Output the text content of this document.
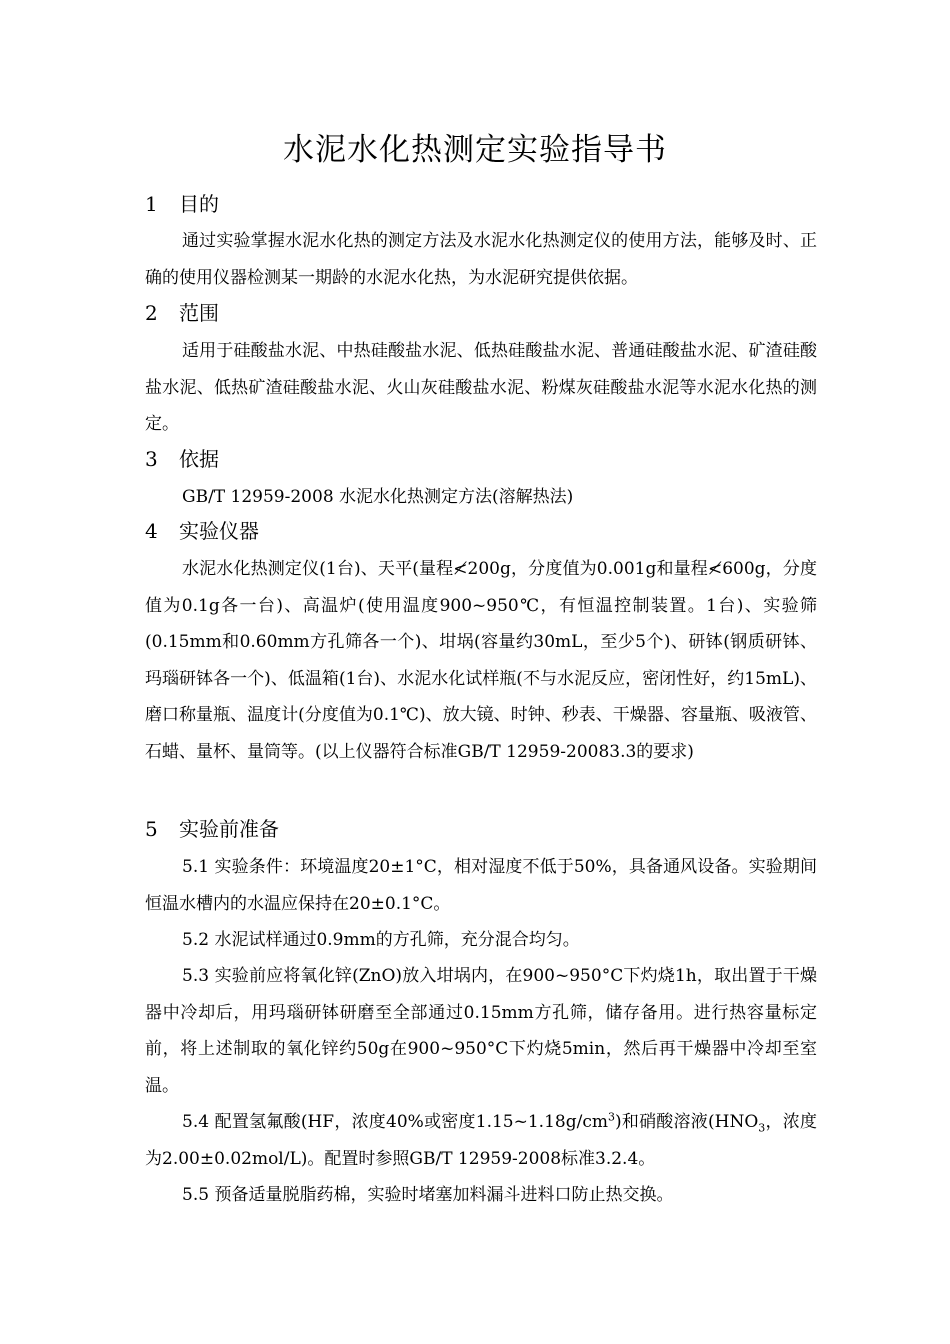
水泥水化热测定实验指导书
1 目的
通过实验掌握水泥水化热的测定方法及水泥水化热测定仪的使用方法，能够及时、正确的使用仪器检测某一期龄的水泥水化热，为水泥研究提供依据。
2 范围
适用于硅酸盐水泥、中热硅酸盐水泥、低热硅酸盐水泥、普通硅酸盐水泥、矿渣硅酸盐水泥、低热矿渣硅酸盐水泥、火山灰硅酸盐水泥、粉煤灰硅酸盐水泥等水泥水化热的测定。
3 依据
GB/T 12959-2008 水泥水化热测定方法(溶解热法)
4 实验仪器
水泥水化热测定仪(1台)、天平(量程≮200g，分度值为0.001g和量程≮600g，分度值为0.1g各一台)、高温炉(使用温度900~950℃，有恒温控制装置。1台)、实验筛(0.15mm和0.60mm方孔筛各一个)、坩埚(容量约30mL，至少5个)、研钵(钢质研钵、玛瑙研钵各一个)、低温箱(1台)、水泥水化试样瓶(不与水泥反应，密闭性好，约15mL)、磨口称量瓶、温度计(分度值为0.1℃)、放大镜、时钟、秒表、干燥器、容量瓶、吸液管、石蜡、量杯、量筒等。(以上仪器符合标准GB/T 12959-20083.3的要求)
5 实验前准备
5.1 实验条件：环境温度20±1°C，相对湿度不低于50%，具备通风设备。实验期间恒温水槽内的水温应保持在20±0.1°C。
5.2 水泥试样通过0.9mm的方孔筛，充分混合均匀。
5.3 实验前应将氧化锌(ZnO)放入坩埚内，在900~950°C下灼烧1h，取出置于干燥器中冷却后，用玛瑙研钵研磨至全部通过0.15mm方孔筛，储存备用。进行热容量标定前，将上述制取的氧化锌约50g在900~950°C下灼烧5min，然后再干燥器中冷却至室温。
5.4 配置氢氟酸(HF，浓度40%或密度$1.15\sim 1.18g/cm^3$)和硝酸溶液($HNO_3$，浓度为2.00±0.02mol/L)。配置时参照GB/T 12959-2008标准3.2.4。
5.5 预备适量脱脂药棉，实验时堵塞加料漏斗进料口防止热交换。
